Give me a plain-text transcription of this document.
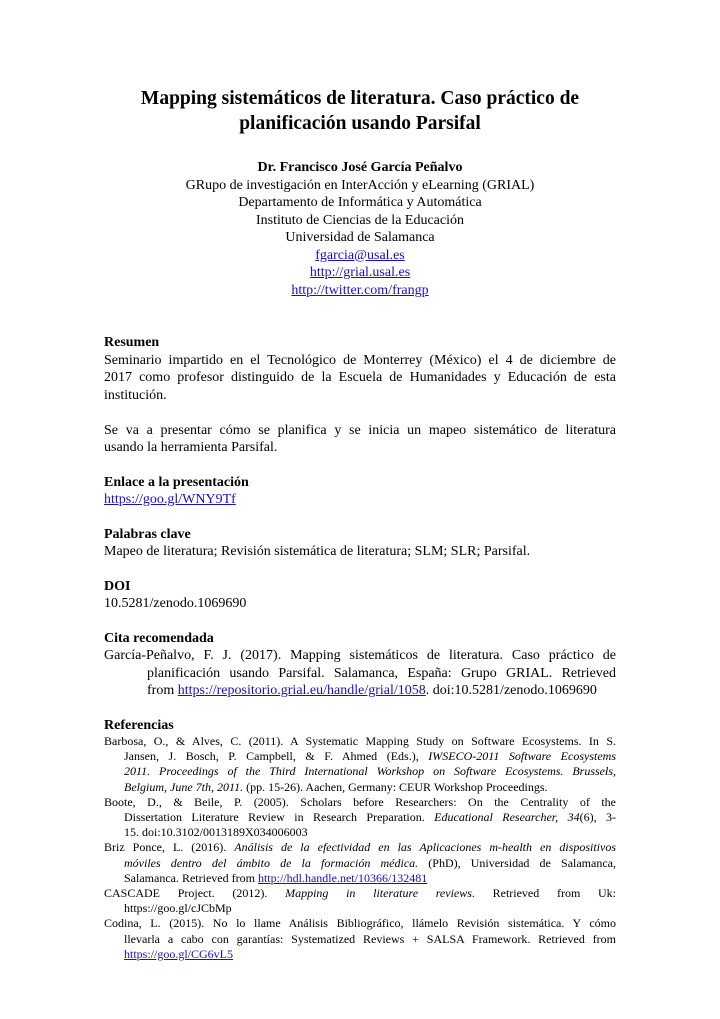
Mapping sistemáticos de literatura. Caso práctico de
planificación usando Parsifal
Dr. Francisco José García Peñalvo
GRupo de investigación en InterAcción y eLearning (GRIAL)
Departamento de Informática y Automática
Instituto de Ciencias de la Educación
Universidad de Salamanca
fgarcia@usal.es
http://grial.usal.es
http://twitter.com/frangp
Resumen
Seminario impartido en el Tecnológico de Monterrey (México) el 4 de diciembre de
2017 como profesor distinguido de la Escuela de Humanidades y Educación de esta
institución.
Se va a presentar cómo se planifica y se inicia un mapeo sistemático de literatura
usando la herramienta Parsifal.
Enlace a la presentación
https://goo.gl/WNY9Tf
Palabras clave
Mapeo de literatura; Revisión sistemática de literatura; SLM; SLR; Parsifal.
DOI
10.5281/zenodo.1069690
Cita recomendada
García-Peñalvo, F. J. (2017). Mapping sistemáticos de literatura. Caso práctico de
planificación usando Parsifal. Salamanca, España: Grupo GRIAL. Retrieved
from https://repositorio.grial.eu/handle/grial/1058. doi:10.5281/zenodo.1069690
Referencias
Barbosa, O., & Alves, C. (2011). A Systematic Mapping Study on Software Ecosystems. In S.
Jansen, J. Bosch, P. Campbell, & F. Ahmed (Eds.), IWSECO-2011 Software Ecosystems
2011. Proceedings of the Third International Workshop on Software Ecosystems. Brussels,
Belgium, June 7th, 2011. (pp. 15-26). Aachen, Germany: CEUR Workshop Proceedings.
Boote, D., & Beile, P. (2005). Scholars before Researchers: On the Centrality of the
Dissertation Literature Review in Research Preparation. Educational Researcher, 34(6), 3-
15. doi:10.3102/0013189X034006003
Briz Ponce, L. (2016). Análisis de la efectividad en las Aplicaciones m-health en dispositivos
móviles dentro del ámbito de la formación médica. (PhD), Universidad de Salamanca,
Salamanca. Retrieved from http://hdl.handle.net/10366/132481
CASCADE Project. (2012). Mapping in literature reviews. Retrieved from Uk:
https://goo.gl/cJCbMp
Codina, L. (2015). No lo llame Análisis Bibliográfico, llámelo Revisión sistemática. Y cómo
llevarla a cabo con garantías: Systematized Reviews + SALSA Framework. Retrieved from
https://goo.gl/CG6vL5
